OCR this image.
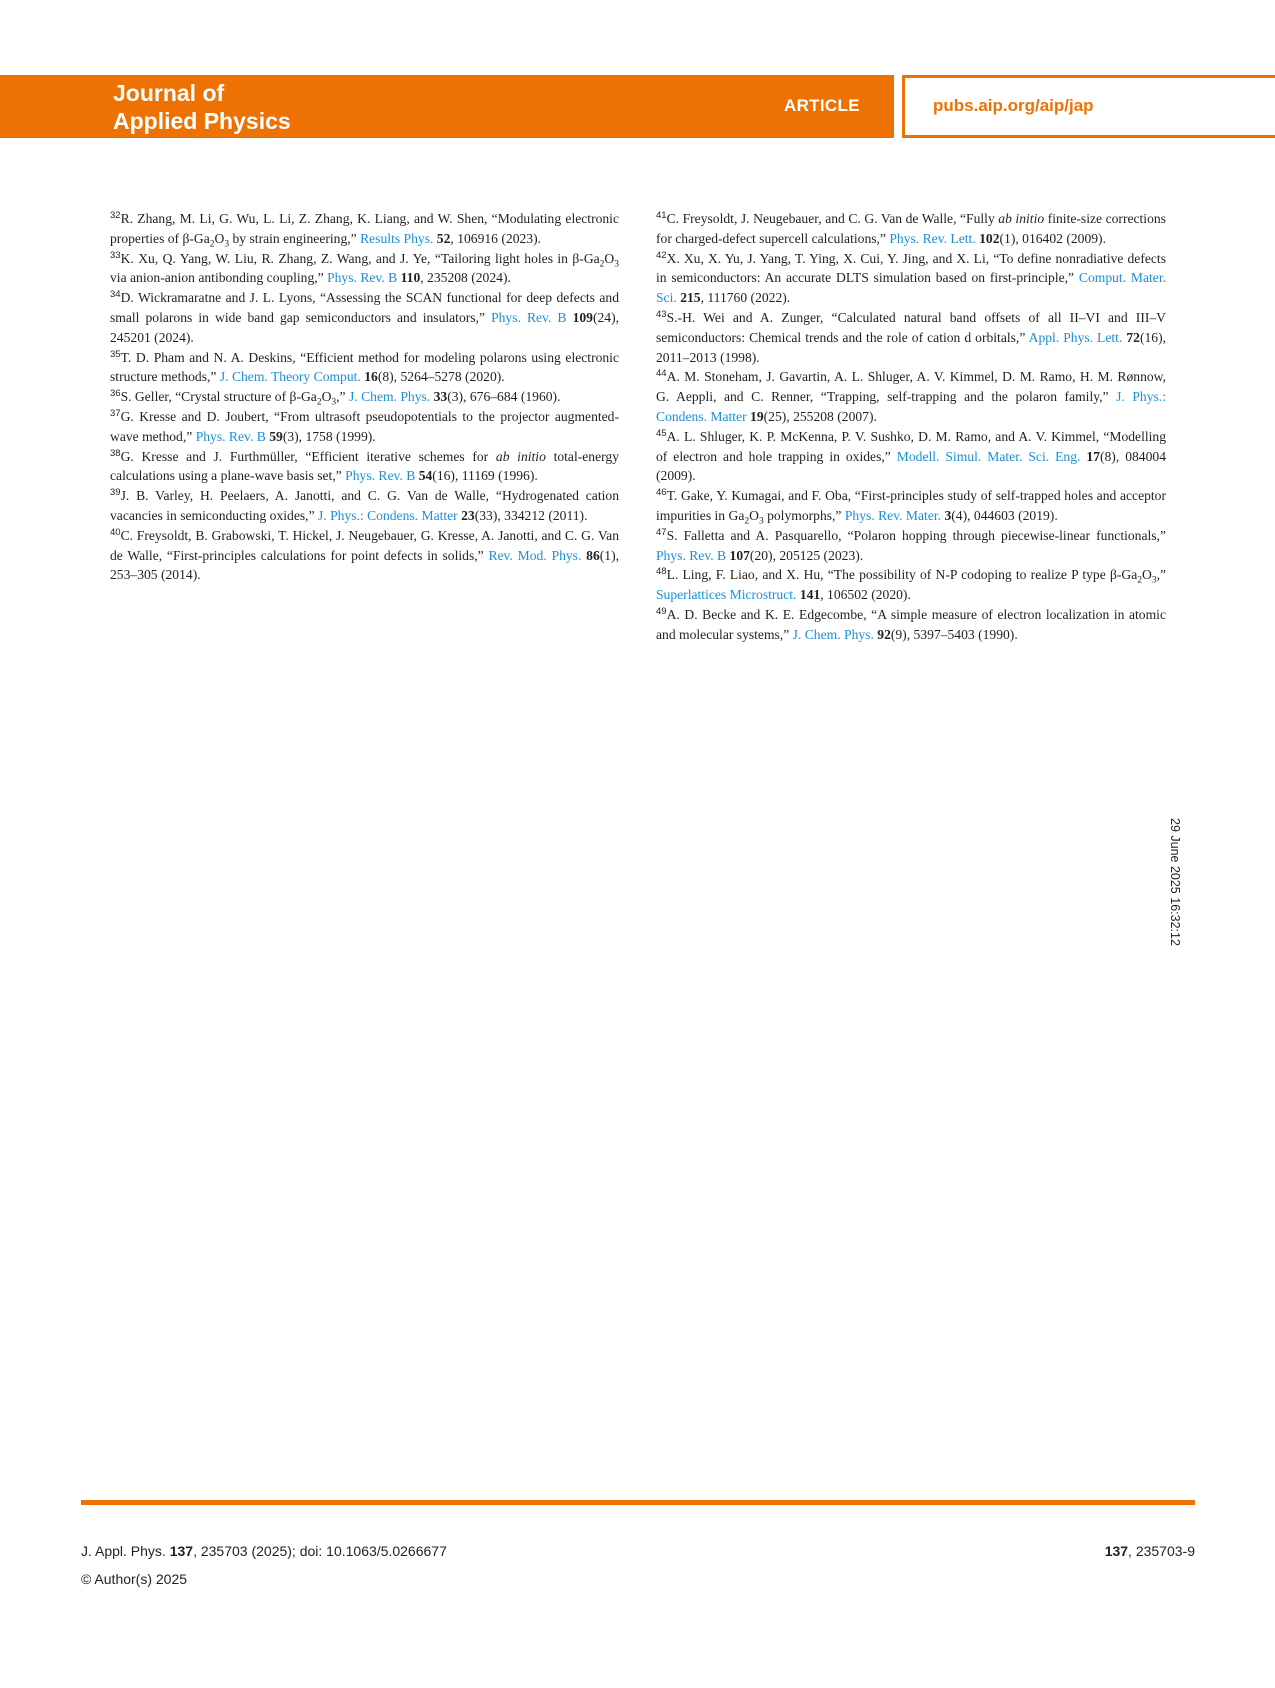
Journal of
Applied Physics
ARTICLE	pubs.aip.org/aip/jap

$^{32}$R. Zhang, M. Li, G. Wu, L. Li, Z. Zhang, K. Liang, and W. Shen, “Modulating electronic properties of $\beta-Ga_2O_3$ by strain engineering,” Results Phys. 52, 106916 (2023).

$^{33}$K. Xu, Q. Yang, W. Liu, R. Zhang, Z. Wang, and J. Ye, “Tailoring light holes in $\beta-Ga_2O_3$ via anion-anion antibonding coupling,” Phys. Rev. B 110, 235208 (2024).

$^{34}$D. Wickramaratne and J. L. Lyons, “Assessing the SCAN functional for deep defects and small polarons in wide band gap semiconductors and insulators,” Phys. Rev. B 109(24), 245201 (2024).

$^{35}$T. D. Pham and N. A. Deskins, “Efficient method for modeling polarons using electronic structure methods,” J. Chem. Theory Comput. 16(8), 5264–5278 (2020).

$^{36}$S. Geller, “Crystal structure of $\beta-Ga_2O_3$,” J. Chem. Phys. 33(3), 676–684 (1960).

$^{37}$G. Kresse and D. Joubert, “From ultrasoft pseudopotentials to the projector augmented-wave method,” Phys. Rev. B 59(3), 1758 (1999).

$^{38}$G. Kresse and J. Furthmüller, “Efficient iterative schemes for ab initio total-energy calculations using a plane-wave basis set,” Phys. Rev. B 54(16), 11169 (1996).

$^{39}$J. B. Varley, H. Peelaers, A. Janotti, and C. G. Van de Walle, “Hydrogenated cation vacancies in semiconducting oxides,” J. Phys.: Condens. Matter 23(33), 334212 (2011).

$^{40}$C. Freysoldt, B. Grabowski, T. Hickel, J. Neugebauer, G. Kresse, A. Janotti, and C. G. Van de Walle, “First-principles calculations for point defects in solids,” Rev. Mod. Phys. 86(1), 253–305 (2014).

$^{41}$C. Freysoldt, J. Neugebauer, and C. G. Van de Walle, “Fully ab initio finite-size corrections for charged-defect supercell calculations,” Phys. Rev. Lett. 102(1), 016402 (2009).

$^{42}$X. Xu, X. Yu, J. Yang, T. Ying, X. Cui, Y. Jing, and X. Li, “To define nonradiative defects in semiconductors: An accurate DLTS simulation based on first-principle,” Comput. Mater. Sci. 215, 111760 (2022).

$^{43}$S.-H. Wei and A. Zunger, “Calculated natural band offsets of all II–VI and III–V semiconductors: Chemical trends and the role of cation d orbitals,” Appl. Phys. Lett. 72(16), 2011–2013 (1998).

$^{44}$A. M. Stoneham, J. Gavartin, A. L. Shluger, A. V. Kimmel, D. M. Ramo, H. M. Rønnow, G. Aeppli, and C. Renner, “Trapping, self-trapping and the polaron family,” J. Phys.: Condens. Matter 19(25), 255208 (2007).

$^{45}$A. L. Shluger, K. P. McKenna, P. V. Sushko, D. M. Ramo, and A. V. Kimmel, “Modelling of electron and hole trapping in oxides,” Modell. Simul. Mater. Sci. Eng. 17(8), 084004 (2009).

$^{46}$T. Gake, Y. Kumagai, and F. Oba, “First-principles study of self-trapped holes and acceptor impurities in $Ga_2O_3$ polymorphs,” Phys. Rev. Mater. 3(4), 044603 (2019).

$^{47}$S. Falletta and A. Pasquarello, “Polaron hopping through piecewise-linear functionals,” Phys. Rev. B 107(20), 205125 (2023).

$^{48}$L. Ling, F. Liao, and X. Hu, “The possibility of N-P codoping to realize P type $\beta-Ga_2O_3$,” Superlattices Microstruct. 141, 106502 (2020).

$^{49}$A. D. Becke and K. E. Edgecombe, “A simple measure of electron localization in atomic and molecular systems,” J. Chem. Phys. 92(9), 5397–5403 (1990).

29 June 2025 16:32:12
J. Appl. Phys. 137, 235703 (2025); doi: 10.1063/5.0266677
© Author(s) 2025
137, 235703-9
